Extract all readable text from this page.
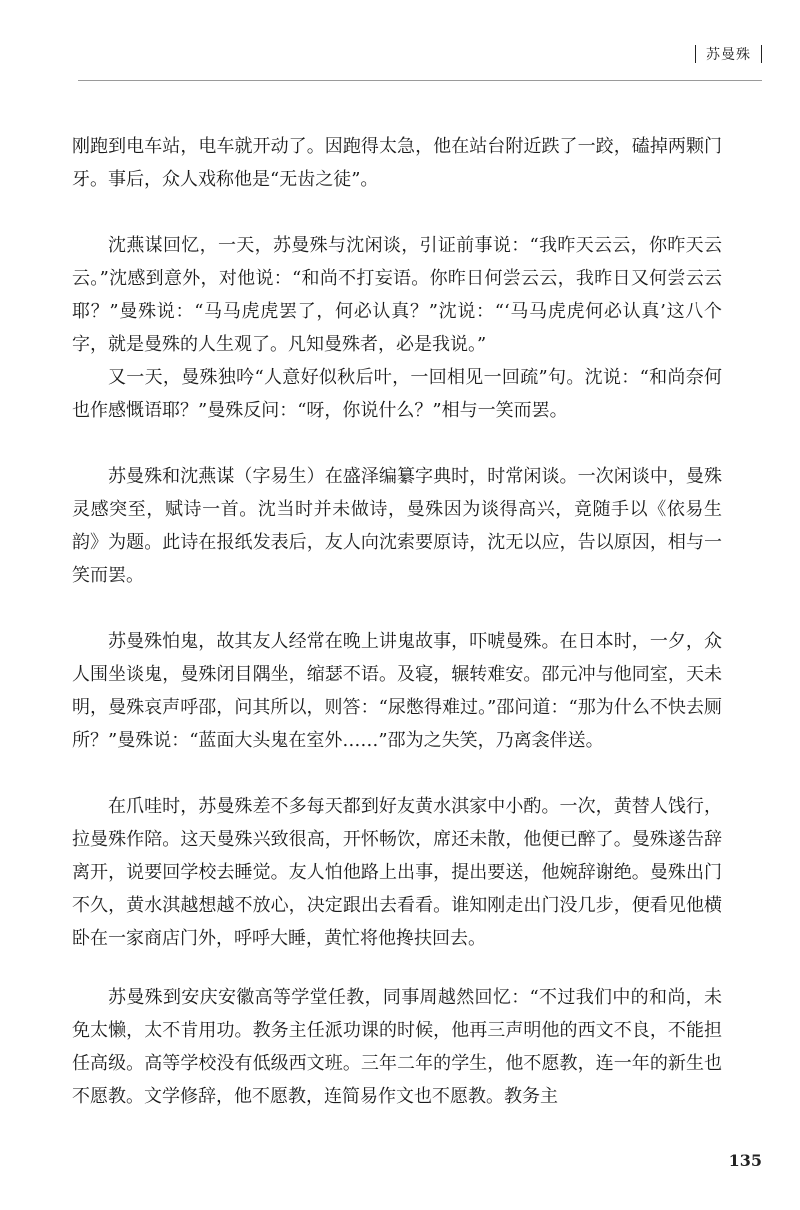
苏曼殊

刚跑到电车站，电车就开动了。因跑得太急，他在站台附近跌了一跤，磕掉两颗门牙。事后，众人戏称他是“无齿之徒”。

沈燕谋回忆，一天，苏曼殊与沈闲谈，引证前事说：“我昨天云云，你昨天云云。”沈感到意外，对他说：“和尚不打妄语。你昨日何尝云云，我昨日又何尝云云耶？”曼殊说：“马马虎虎罢了，何必认真？”沈说：“‘马马虎虎何必认真’这八个字，就是曼殊的人生观了。凡知曼殊者，必是我说。”

又一天，曼殊独吟“人意好似秋后叶，一回相见一回疏”句。沈说：“和尚奈何也作感慨语耶？”曼殊反问：“呀，你说什么？”相与一笑而罢。

苏曼殊和沈燕谋（字易生）在盛泽编纂字典时，时常闲谈。一次闲谈中，曼殊灵感突至，赋诗一首。沈当时并未做诗，曼殊因为谈得高兴，竟随手以《依易生韵》为题。此诗在报纸发表后，友人向沈索要原诗，沈无以应，告以原因，相与一笑而罢。

苏曼殊怕鬼，故其友人经常在晚上讲鬼故事，吓唬曼殊。在日本时，一夕，众人围坐谈鬼，曼殊闭目隅坐，缩瑟不语。及寝，辗转难安。邵元冲与他同室，天未明，曼殊哀声呼邵，问其所以，则答：“尿憋得难过。”邵问道：“那为什么不快去厕所？”曼殊说：“蓝面大头鬼在室外……”邵为之失笑，乃离衾伴送。

在爪哇时，苏曼殊差不多每天都到好友黄水淇家中小酌。一次，黄替人饯行，拉曼殊作陪。这天曼殊兴致很高，开怀畅饮，席还未散，他便已醉了。曼殊遂告辞离开，说要回学校去睡觉。友人怕他路上出事，提出要送，他婉辞谢绝。曼殊出门不久，黄水淇越想越不放心，决定跟出去看看。谁知刚走出门没几步，便看见他横卧在一家商店门外，呼呼大睡，黄忙将他搀扶回去。

苏曼殊到安庆安徽高等学堂任教，同事周越然回忆：“不过我们中的和尚，未免太懒，太不肯用功。教务主任派功课的时候，他再三声明他的西文不良，不能担任高级。高等学校没有低级西文班。三年二年的学生，他不愿教，连一年的新生也不愿教。文学修辞，他不愿教，连简易作文也不愿教。教务主

135
